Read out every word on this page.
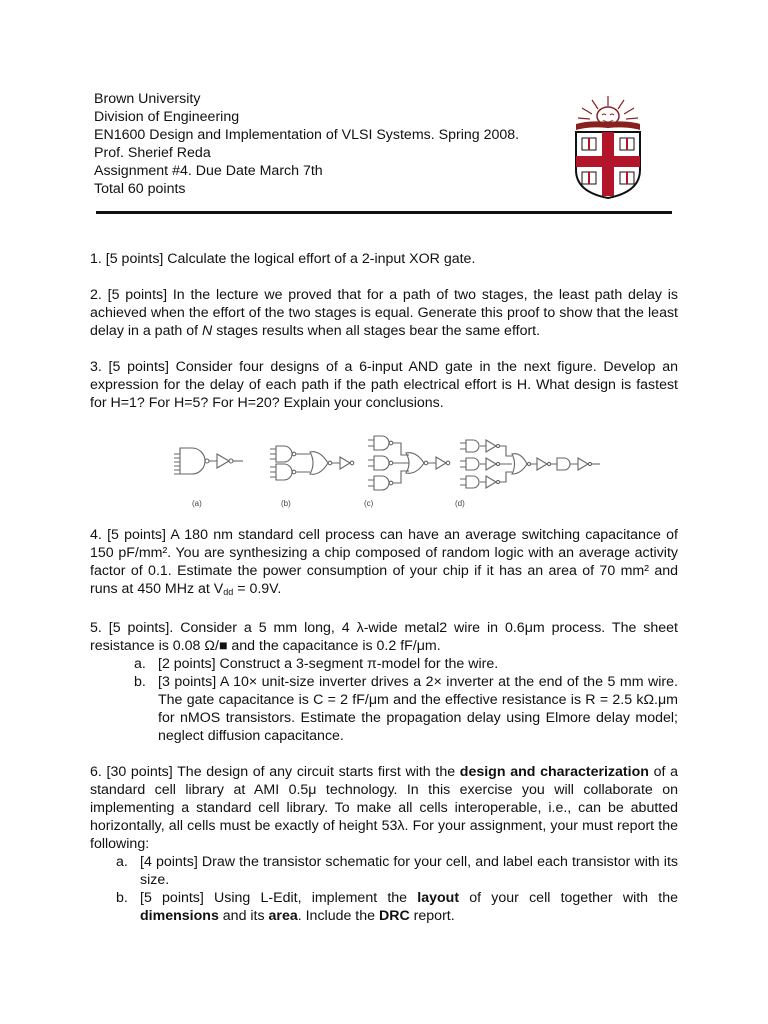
Brown University
Division of Engineering
EN1600 Design and Implementation of VLSI Systems. Spring 2008.
Prof. Sherief Reda
Assignment #4. Due Date March 7th
Total 60 points

1. [5 points] Calculate the logical effort of a 2-input XOR gate.

2. [5 points] In the lecture we proved that for a path of two stages, the least path delay is achieved when the effort of the two stages is equal. Generate this proof to show that the least delay in a path of N stages results when all stages bear the same effort.

3. [5 points] Consider four designs of a 6-input AND gate in the next figure. Develop an expression for the delay of each path if the path electrical effort is H. What design is fastest for H=1? For H=5? For H=20? Explain your conclusions.

(a)	(b)	(c)	(d)

4. [5 points] A 180 nm standard cell process can have an average switching capacitance of 150 pF/mm². You are synthesizing a chip composed of random logic with an average activity factor of 0.1. Estimate the power consumption of your chip if it has an area of 70 mm² and runs at 450 MHz at $V_{dd} = 0.9V$.

5. [5 points]. Consider a 5 mm long, 4 λ-wide metal2 wire in 0.6μm process. The sheet resistance is 0.08 Ω/■ and the capacitance is 0.2 fF/μm.

a. [2 points] Construct a 3-segment π-model for the wire.
b. [3 points] A 10× unit-size inverter drives a 2× inverter at the end of the 5 mm wire. The gate capacitance is C = 2 fF/μm and the effective resistance is R = 2.5 kΩ.μm for nMOS transistors. Estimate the propagation delay using Elmore delay model; neglect diffusion capacitance.

6. [30 points] The design of any circuit starts first with the design and characterization of a standard cell library at AMI 0.5μ technology. In this exercise you will collaborate on implementing a standard cell library. To make all cells interoperable, i.e., can be abutted horizontally, all cells must be exactly of height 53λ. For your assignment, your must report the following:

a. [4 points] Draw the transistor schematic for your cell, and label each transistor with its size.
b. [5 points] Using L-Edit, implement the layout of your cell together with the dimensions and its area. Include the DRC report.
